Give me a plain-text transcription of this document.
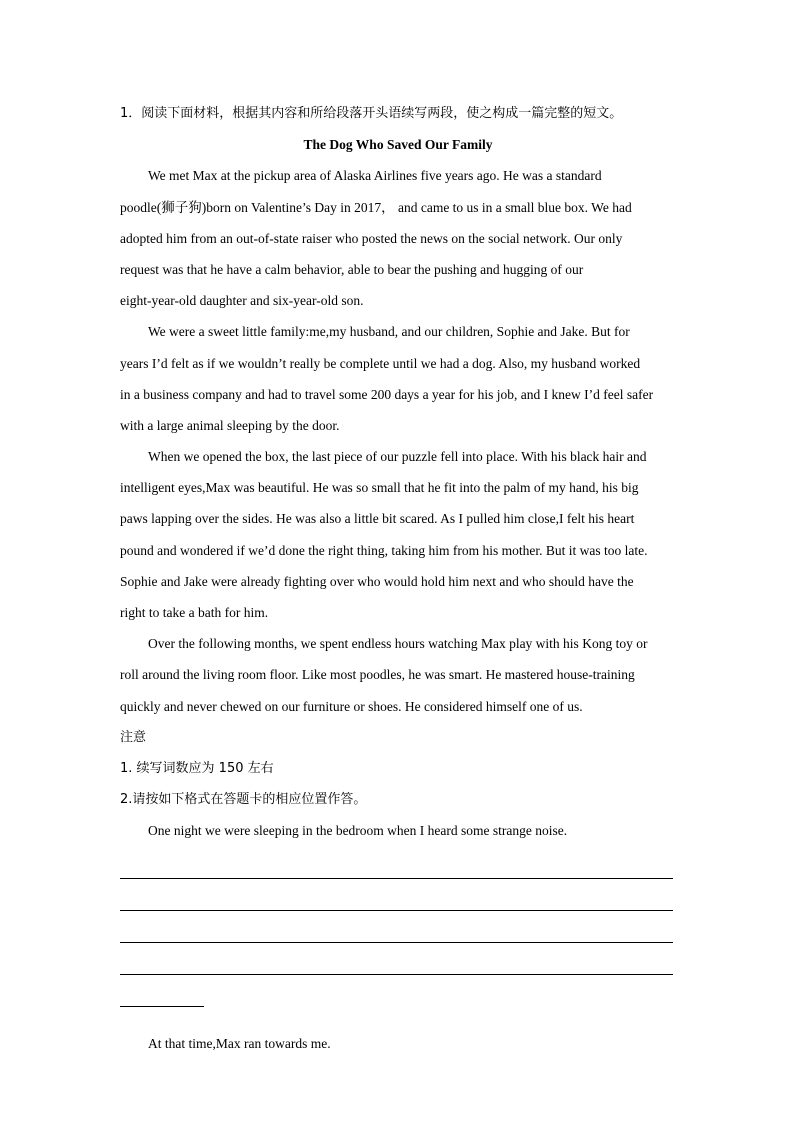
1．阅读下面材料，根据其内容和所给段落开头语续写两段，使之构成一篇完整的短文。
The Dog Who Saved Our Family
We met Max at the pickup area of Alaska Airlines five years ago. He was a standard
poodle(狮子狗)born on Valentine’s Day in 2017， and came to us in a small blue box. We had
adopted him from an out-of-state raiser who posted the news on the social network. Our only
request was that he have a calm behavior, able to bear the pushing and hugging of our
eight-year-old daughter and six-year-old son.
We were a sweet little family:me,my husband, and our children, Sophie and Jake. But for
years I’d felt as if we wouldn’t really be complete until we had a dog. Also, my husband worked
in a business company and had to travel some 200 days a year for his job, and I knew I’d feel safer
with a large animal sleeping by the door.
When we opened the box, the last piece of our puzzle fell into place. With his black hair and
intelligent eyes,Max was beautiful. He was so small that he fit into the palm of my hand, his big
paws lapping over the sides. He was also a little bit scared. As I pulled him close,I felt his heart
pound and wondered if we’d done the right thing, taking him from his mother. But it was too late.
Sophie and Jake were already fighting over who would hold him next and who should have the
right to take a bath for him.
Over the following months, we spent endless hours watching Max play with his Kong toy or
roll around the living room floor. Like most poodles, he was smart. He mastered house-training
quickly and never chewed on our furniture or shoes. He considered himself one of us.
注意
1. 续写词数应为 150 左右
2.请按如下格式在答题卡的相应位置作答。
One night we were sleeping in the bedroom when I heard some strange noise.
At that time,Max ran towards me.
